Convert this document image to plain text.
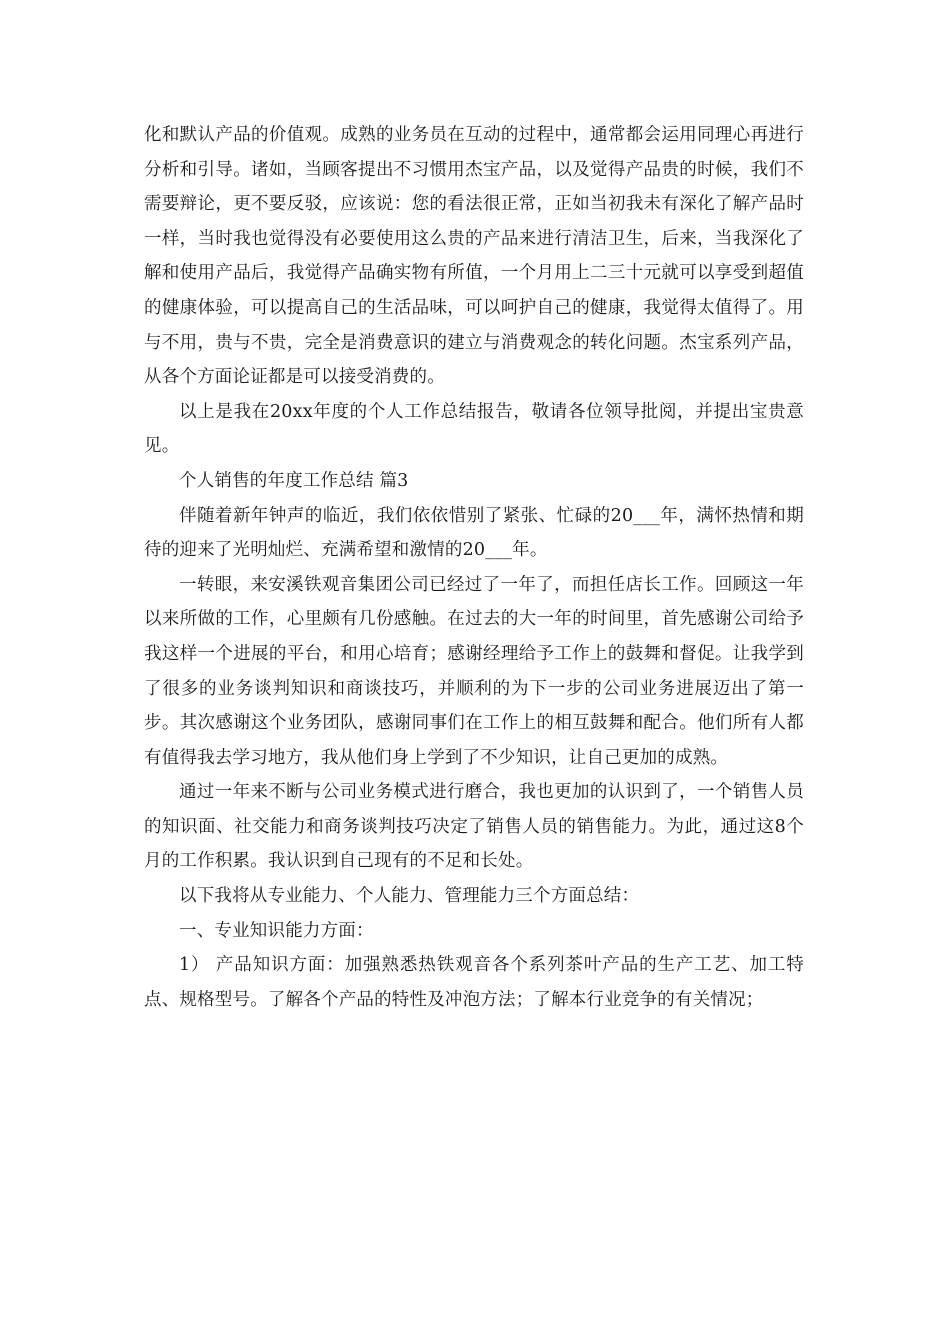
化和默认产品的价值观。成熟的业务员在互动的过程中，通常都会运用同理心再进行分析和引导。诸如，当顾客提出不习惯用杰宝产品，以及觉得产品贵的时候，我们不需要辩论，更不要反驳，应该说：您的看法很正常，正如当初我未有深化了解产品时一样，当时我也觉得没有必要使用这么贵的产品来进行清洁卫生，后来，当我深化了解和使用产品后，我觉得产品确实物有所值，一个月用上二三十元就可以享受到超值的健康体验，可以提高自己的生活品味，可以呵护自己的健康，我觉得太值得了。用与不用，贵与不贵，完全是消费意识的建立与消费观念的转化问题。杰宝系列产品，从各个方面论证都是可以接受消费的。

以上是我在20xx年度的个人工作总结报告，敬请各位领导批阅，并提出宝贵意见。

个人销售的年度工作总结 篇3

伴随着新年钟声的临近，我们依依惜别了紧张、忙碌的20___年，满怀热情和期待的迎来了光明灿烂、充满希望和激情的20___年。

一转眼，来安溪铁观音集团公司已经过了一年了，而担任店长工作。回顾这一年以来所做的工作，心里颇有几份感触。在过去的大一年的时间里，首先感谢公司给予我这样一个进展的平台，和用心培育；感谢经理给予工作上的鼓舞和督促。让我学到了很多的业务谈判知识和商谈技巧，并顺利的为下一步的公司业务进展迈出了第一步。其次感谢这个业务团队，感谢同事们在工作上的相互鼓舞和配合。他们所有人都有值得我去学习地方，我从他们身上学到了不少知识，让自己更加的成熟。

通过一年来不断与公司业务模式进行磨合，我也更加的认识到了，一个销售人员的知识面、社交能力和商务谈判技巧决定了销售人员的销售能力。为此，通过这8个月的工作积累。我认识到自己现有的不足和长处。

以下我将从专业能力、个人能力、管理能力三个方面总结：

一、专业知识能力方面：

1） 产品知识方面：加强熟悉热铁观音各个系列茶叶产品的生产工艺、加工特点、规格型号。了解各个产品的特性及冲泡方法；了解本行业竞争的有关情况；
